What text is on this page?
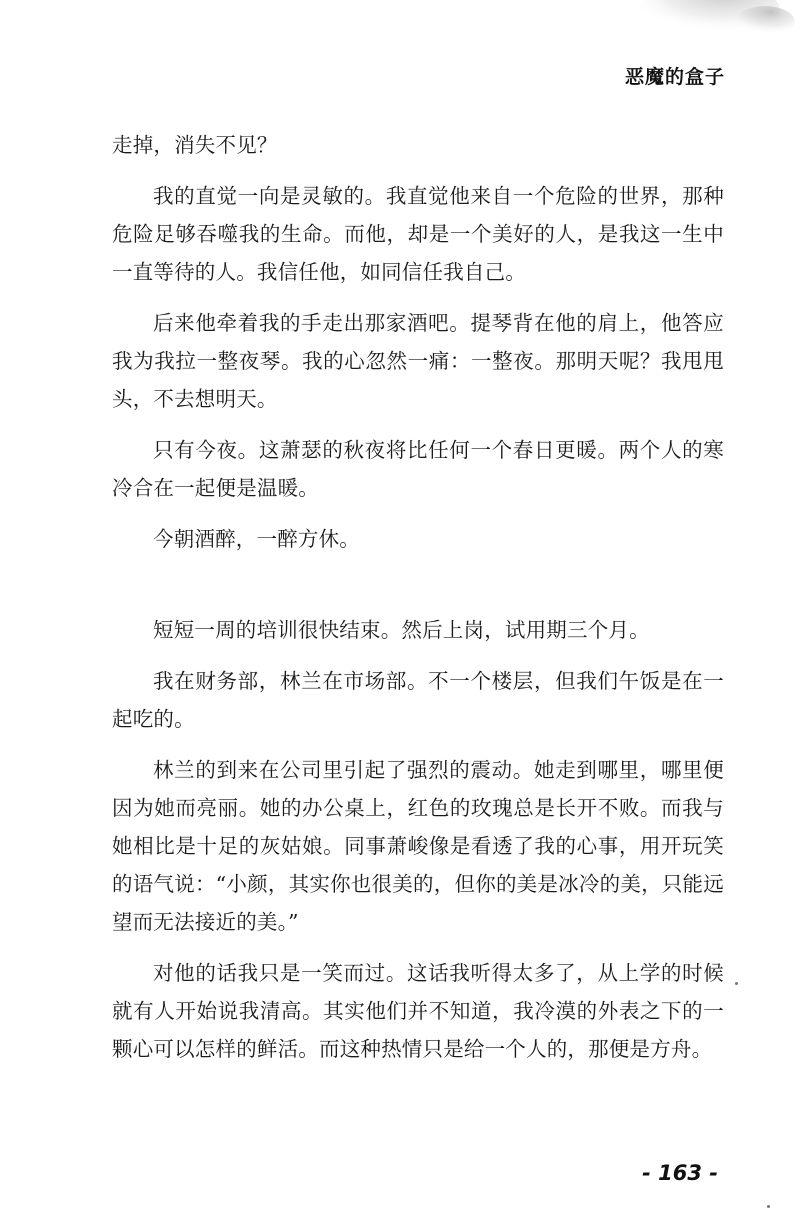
恶魔的盒子

走掉，消失不见？

我的直觉一向是灵敏的。我直觉他来自一个危险的世界，那种危险足够吞噬我的生命。而他，却是一个美好的人，是我这一生中一直等待的人。我信任他，如同信任我自己。

后来他牵着我的手走出那家酒吧。提琴背在他的肩上，他答应我为我拉一整夜琴。我的心忽然一痛：一整夜。那明天呢？我甩甩头，不去想明天。

只有今夜。这萧瑟的秋夜将比任何一个春日更暖。两个人的寒冷合在一起便是温暖。

今朝酒醉，一醉方休。

短短一周的培训很快结束。然后上岗，试用期三个月。

我在财务部，林兰在市场部。不一个楼层，但我们午饭是在一起吃的。

林兰的到来在公司里引起了强烈的震动。她走到哪里，哪里便因为她而亮丽。她的办公桌上，红色的玫瑰总是长开不败。而我与她相比是十足的灰姑娘。同事萧峻像是看透了我的心事，用开玩笑的语气说：“小颜，其实你也很美的，但你的美是冰冷的美，只能远望而无法接近的美。”

对他的话我只是一笑而过。这话我听得太多了，从上学的时候就有人开始说我清高。其实他们并不知道，我冷漠的外表之下的一颗心可以怎样的鲜活。而这种热情只是给一个人的，那便是方舟。

- 163 -
